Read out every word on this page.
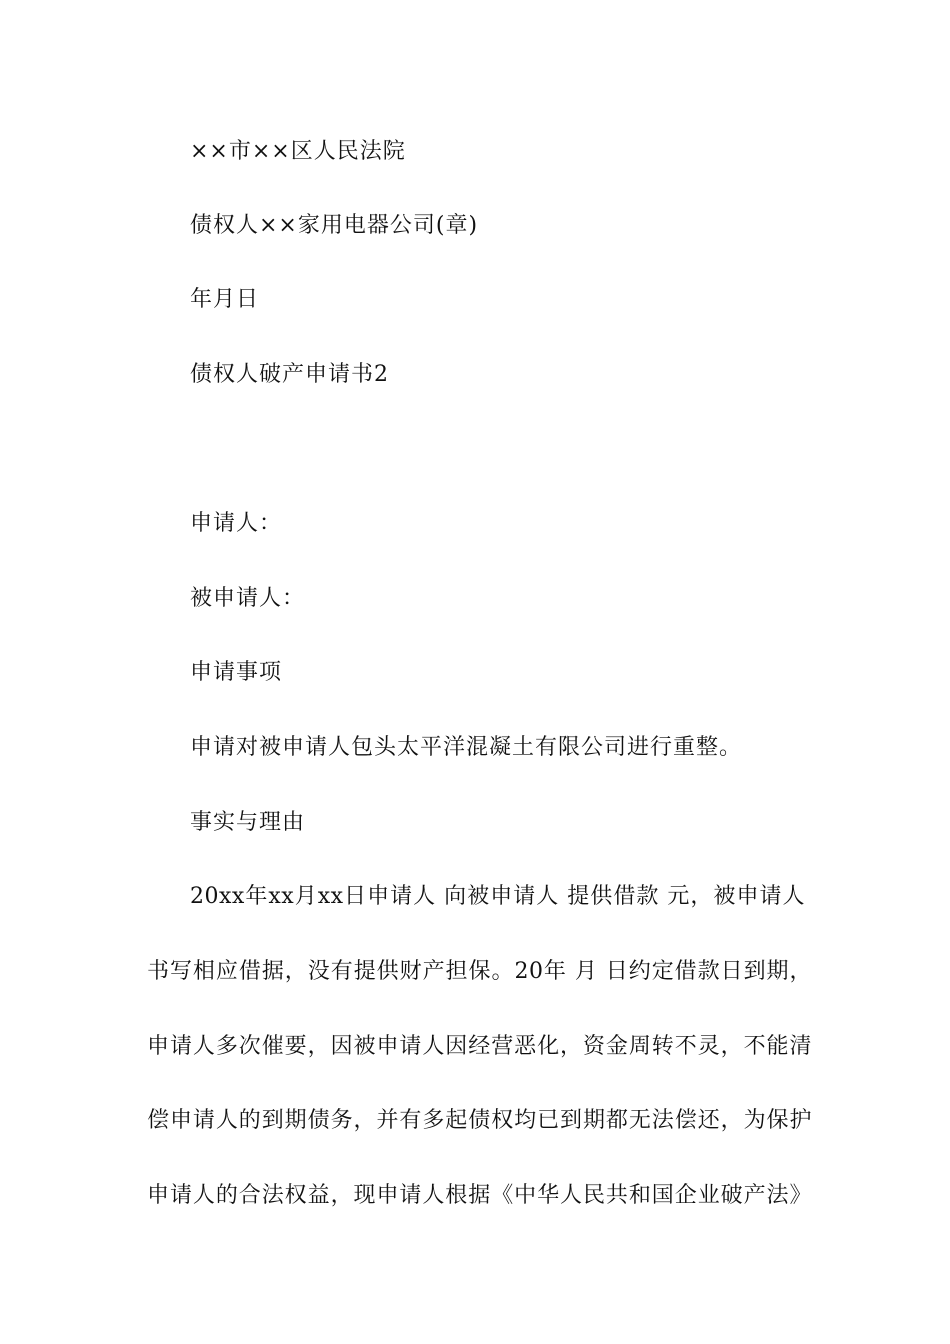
××市××区人民法院
债权人××家用电器公司(章)
年月日
债权人破产申请书2
申请人：
被申请人：
申请事项
申请对被申请人包头太平洋混凝土有限公司进行重整。
事实与理由
20xx年xx月xx日申请人 向被申请人 提供借款 元，被申请人
书写相应借据，没有提供财产担保。20年 月 日约定借款日到期，
申请人多次催要，因被申请人因经营恶化，资金周转不灵，不能清
偿申请人的到期债务，并有多起债权均已到期都无法偿还，为保护
申请人的合法权益，现申请人根据《中华人民共和国企业破产法》
